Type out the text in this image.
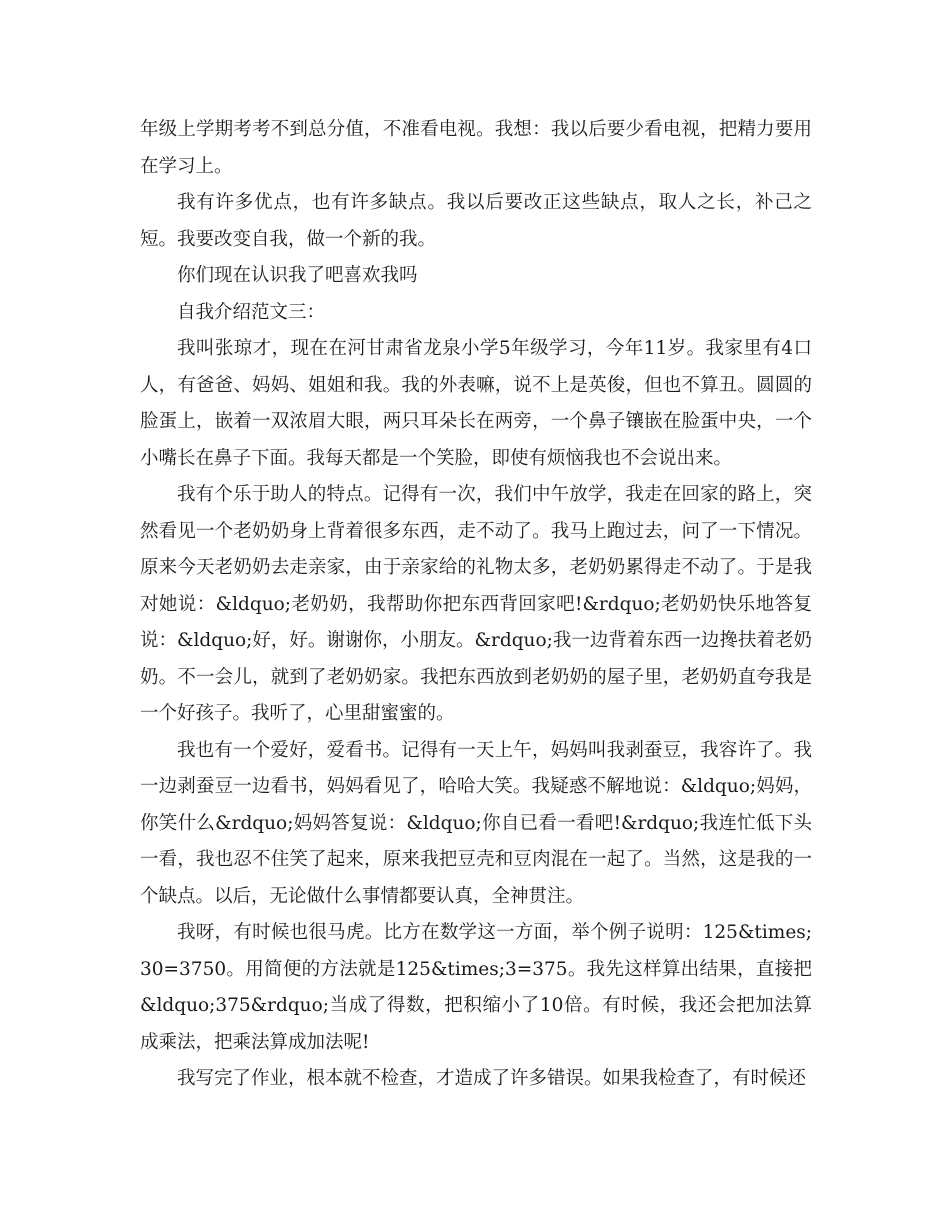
年级上学期考考不到总分值，不准看电视。我想：我以后要少看电视，把精力要用在学习上。

我有许多优点，也有许多缺点。我以后要改正这些缺点，取人之长，补己之短。我要改变自我，做一个新的我。

你们现在认识我了吧喜欢我吗

自我介绍范文三：

我叫张琼才，现在在河甘肃省龙泉小学5年级学习，今年11岁。我家里有4口人，有爸爸、妈妈、姐姐和我。我的外表嘛，说不上是英俊，但也不算丑。圆圆的脸蛋上，嵌着一双浓眉大眼，两只耳朵长在两旁，一个鼻子镶嵌在脸蛋中央，一个小嘴长在鼻子下面。我每天都是一个笑脸，即使有烦恼我也不会说出来。

我有个乐于助人的特点。记得有一次，我们中午放学，我走在回家的路上，突然看见一个老奶奶身上背着很多东西，走不动了。我马上跑过去，问了一下情况。原来今天老奶奶去走亲家，由于亲家给的礼物太多，老奶奶累得走不动了。于是我对她说：&ldquo;老奶奶，我帮助你把东西背回家吧!&rdquo;老奶奶快乐地答复说：&ldquo;好，好。谢谢你，小朋友。&rdquo;我一边背着东西一边搀扶着老奶奶。不一会儿，就到了老奶奶家。我把东西放到老奶奶的屋子里，老奶奶直夸我是一个好孩子。我听了，心里甜蜜蜜的。

我也有一个爱好，爱看书。记得有一天上午，妈妈叫我剥蚕豆，我容许了。我一边剥蚕豆一边看书，妈妈看见了，哈哈大笑。我疑惑不解地说：&ldquo;妈妈，你笑什么&rdquo;妈妈答复说：&ldquo;你自已看一看吧!&rdquo;我连忙低下头一看，我也忍不住笑了起来，原来我把豆壳和豆肉混在一起了。当然，这是我的一个缺点。以后，无论做什么事情都要认真，全神贯注。

我呀，有时候也很马虎。比方在数学这一方面，举个例子说明：125&times;30=3750。用简便的方法就是125&times;3=375。我先这样算出结果，直接把&ldquo;375&rdquo;当成了得数，把积缩小了10倍。有时候，我还会把加法算成乘法，把乘法算成加法呢!

我写完了作业，根本就不检查，才造成了许多错误。如果我检查了，有时候还
